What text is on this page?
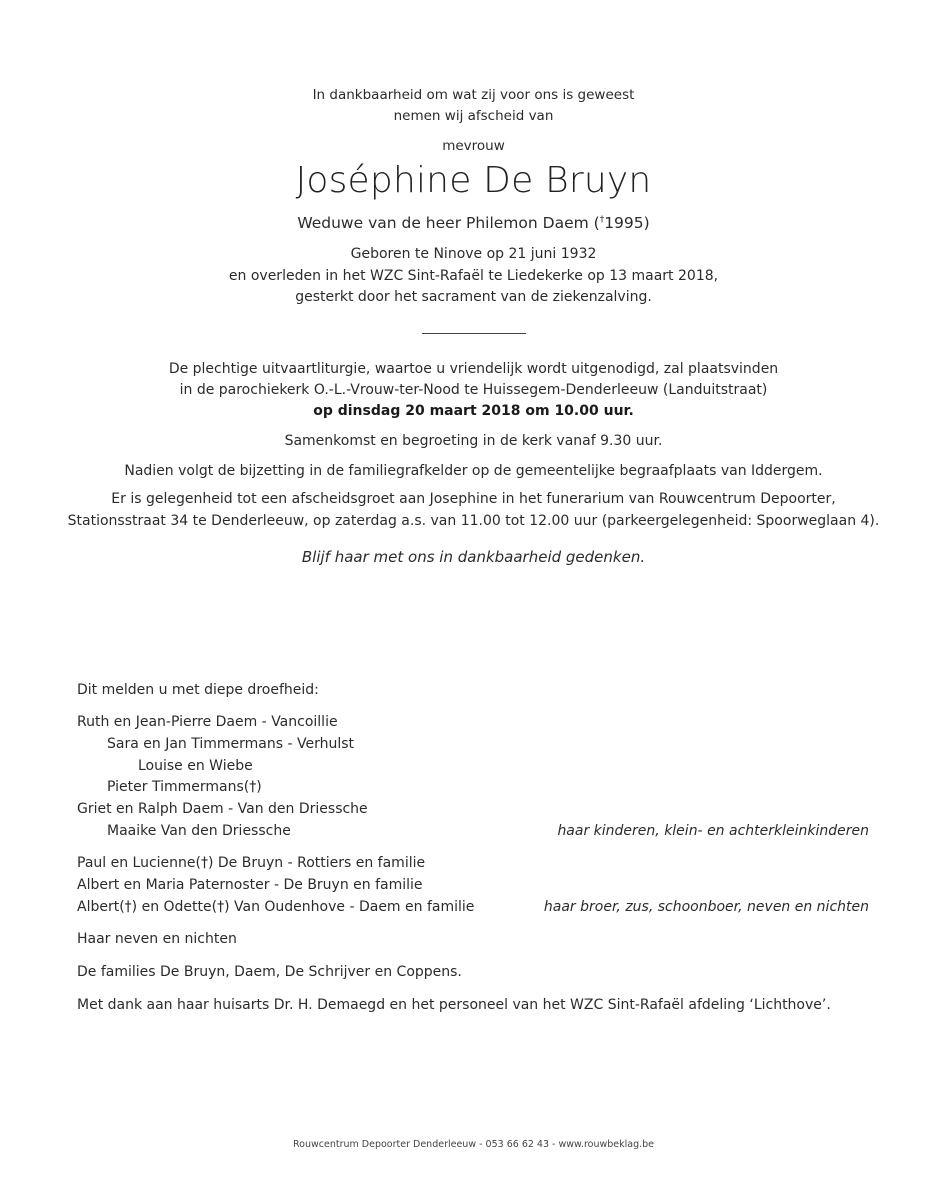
In dankbaarheid om wat zij voor ons is geweest
nemen wij afscheid van
mevrouw
Joséphine De Bruyn
Weduwe van de heer Philemon Daem (†1995)
Geboren te Ninove op 21 juni 1932
en overleden in het WZC Sint-Rafaël te Liedekerke op 13 maart 2018,
gesterkt door het sacrament van de ziekenzalving.
De plechtige uitvaartliturgie, waartoe u vriendelijk wordt uitgenodigd, zal plaatsvinden
in de parochiekerk O.-L.-Vrouw-ter-Nood te Huissegem-Denderleeuw (Landuitstraat)
op dinsdag 20 maart 2018 om 10.00 uur.
Samenkomst en begroeting in de kerk vanaf 9.30 uur.
Nadien volgt de bijzetting in de familiegrafkelder op de gemeentelijke begraafplaats van Iddergem.
Er is gelegenheid tot een afscheidsgroet aan Josephine in het funerarium van Rouwcentrum Depoorter,
Stationsstraat 34 te Denderleeuw, op zaterdag a.s. van 11.00 tot 12.00 uur (parkeergelegenheid: Spoorweglaan 4).
Blijf haar met ons in dankbaarheid gedenken.
Dit melden u met diepe droefheid:
Ruth en Jean-Pierre Daem - Vancoillie
Sara en Jan Timmermans - Verhulst
Louise en Wiebe
Pieter Timmermans(†)
Griet en Ralph Daem - Van den Driessche
Maaike Van den Driessche	haar kinderen, klein- en achterkleinkinderen
Paul en Lucienne(†) De Bruyn - Rottiers en familie
Albert en Maria Paternoster - De Bruyn en familie
Albert(†) en Odette(†) Van Oudenhove - Daem en familie	haar broer, zus, schoonboer, neven en nichten
Haar neven en nichten
De families De Bruyn, Daem, De Schrijver en Coppens.
Met dank aan haar huisarts Dr. H. Demaegd en het personeel van het WZC Sint-Rafaël afdeling ‘Lichthove’.
Rouwcentrum Depoorter Denderleeuw - 053 66 62 43 - www.rouwbeklag.be
